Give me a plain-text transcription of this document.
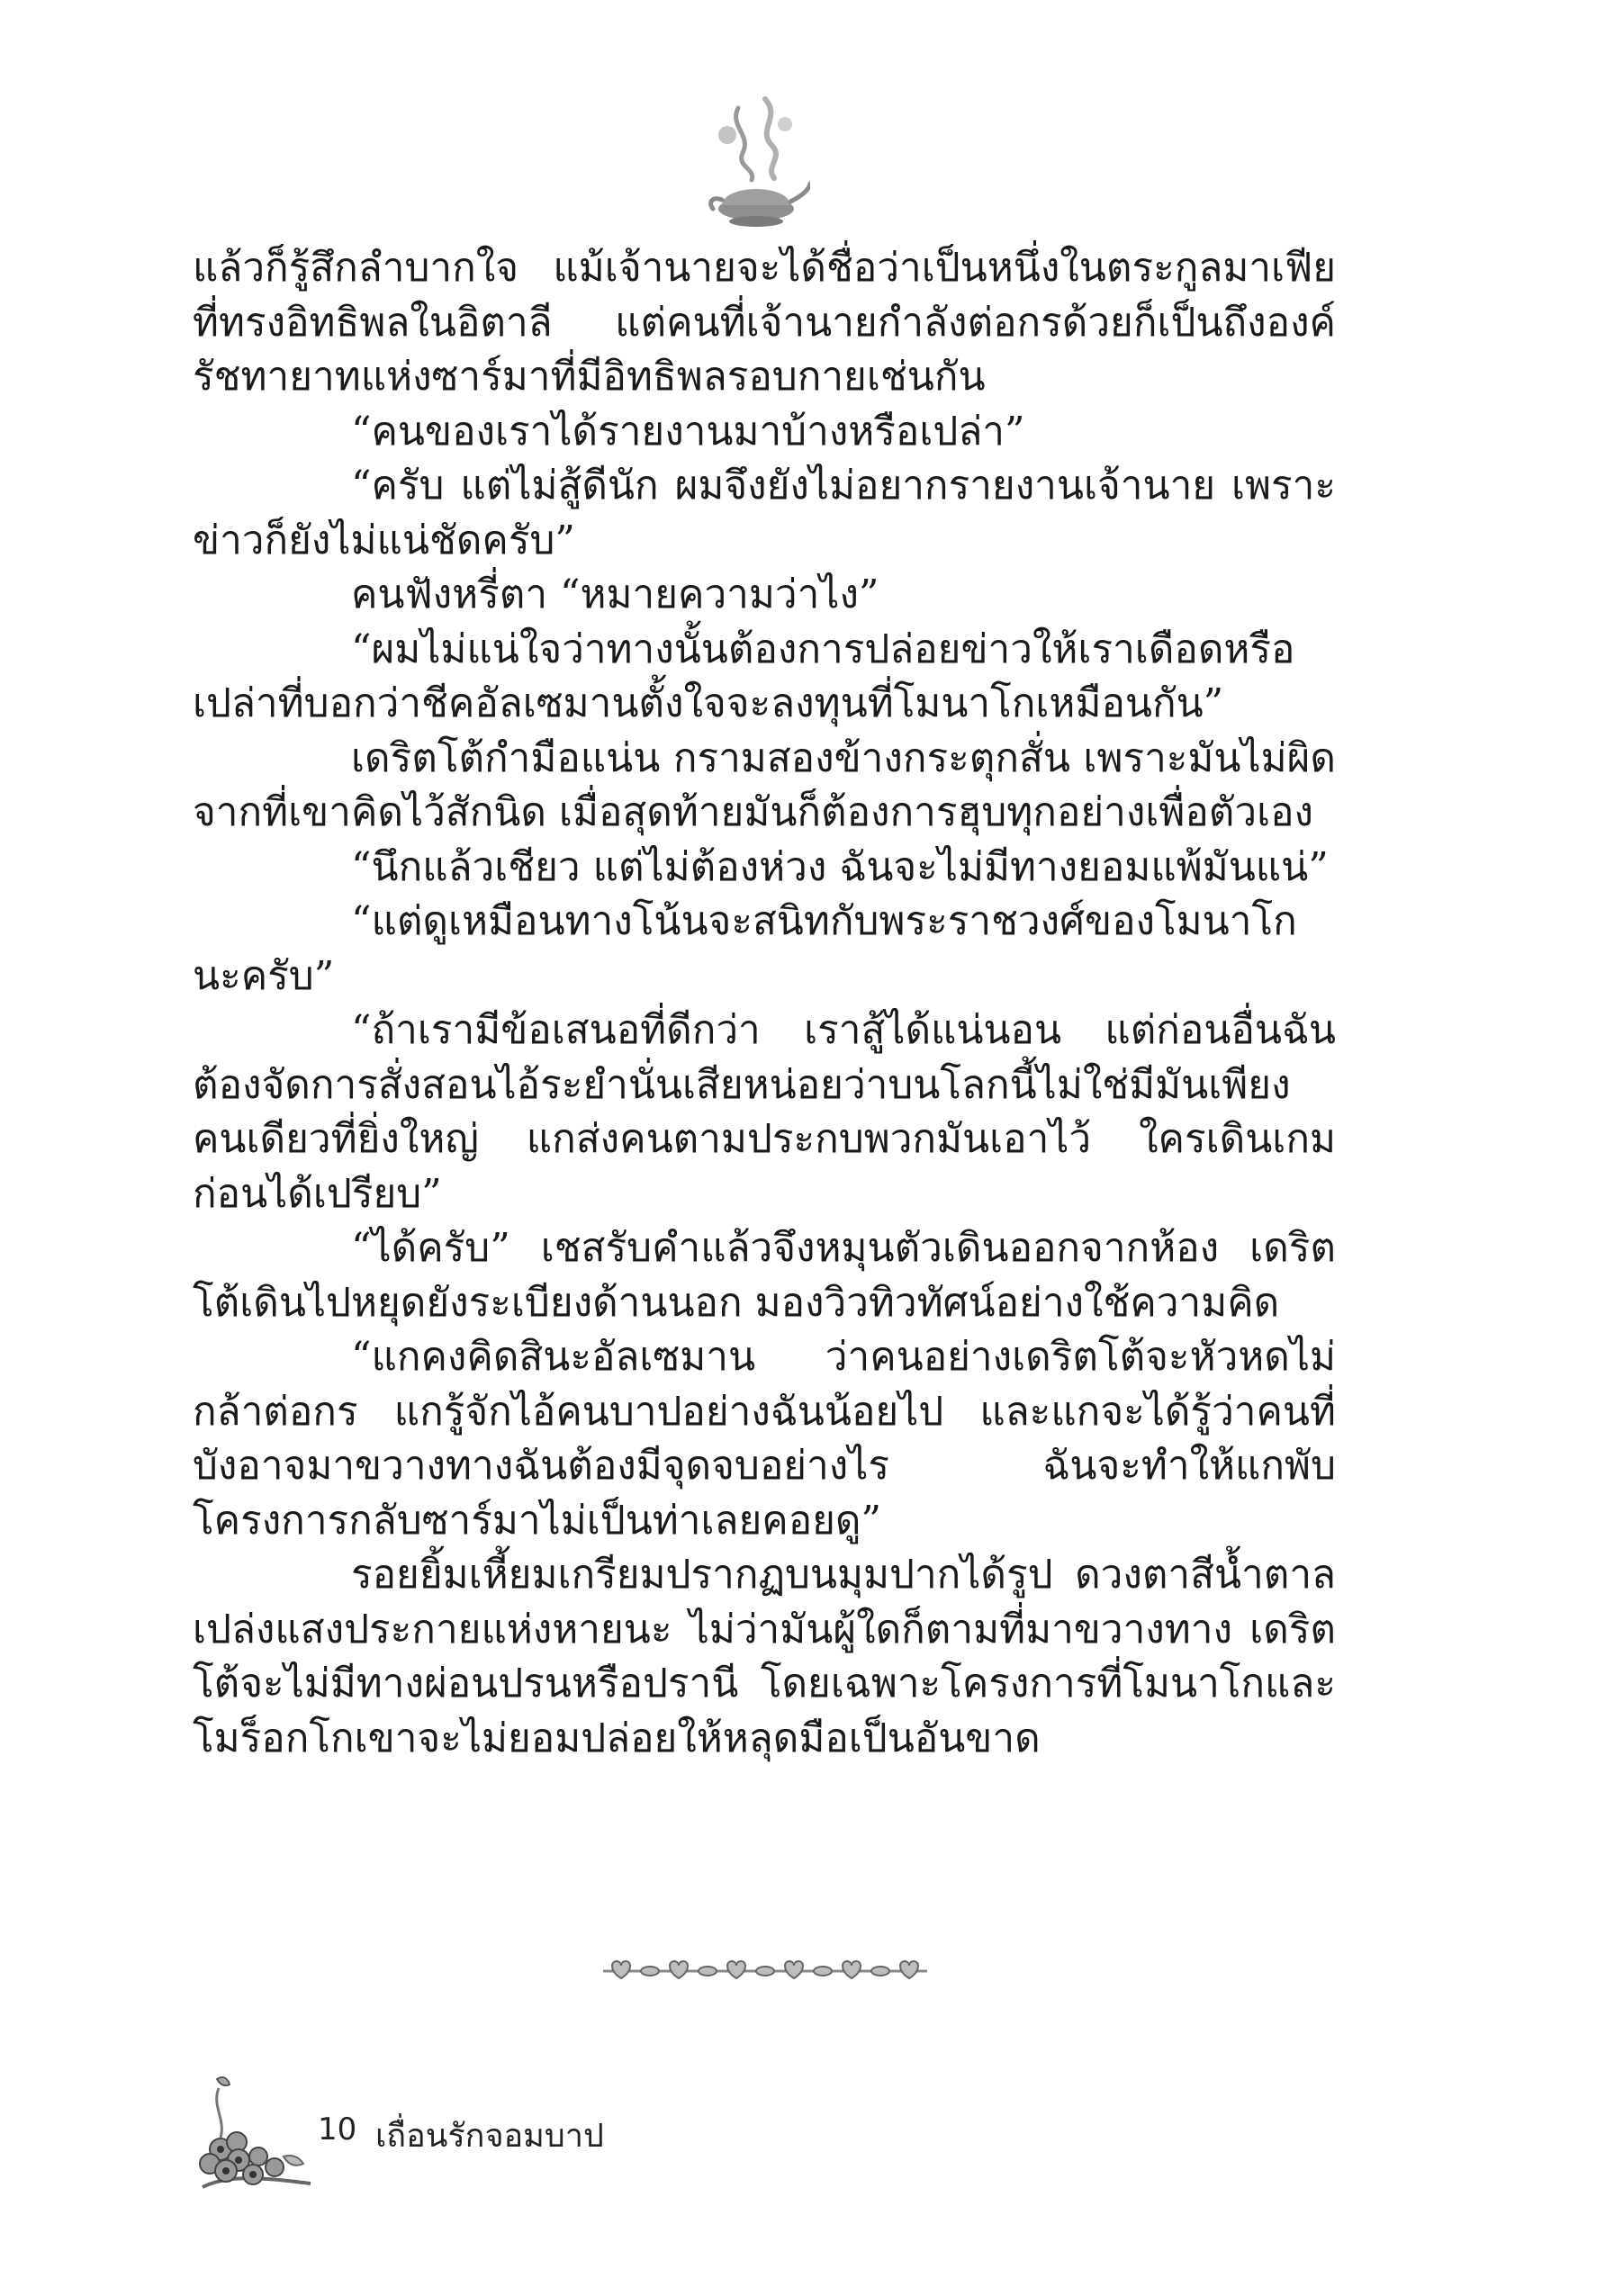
แล้วก็รู้สึกลำบากใจ แม้เจ้านายจะได้ชื่อว่าเป็นหนึ่งในตระกูลมาเฟียที่ทรงอิทธิพลในอิตาลี แต่คนที่เจ้านายกำลังต่อกรด้วยก็เป็นถึงองค์รัชทายาทแห่งซาร์มาที่มีอิทธิพลรอบกายเช่นกัน

“คนของเราได้รายงานมาบ้างหรือเปล่า”

“ครับ แต่ไม่สู้ดีนัก ผมจึงยังไม่อยากรายงานเจ้านาย เพราะข่าวก็ยังไม่แน่ชัดครับ”

คนฟังหรี่ตา “หมายความว่าไง”

“ผมไม่แน่ใจว่าทางนั้นต้องการปล่อยข่าวให้เราเดือดหรือเปล่าที่บอกว่าชีคอัลเซมานตั้งใจจะลงทุนที่โมนาโกเหมือนกัน”

เดริตโต้กำมือแน่น กรามสองข้างกระตุกสั่น เพราะมันไม่ผิดจากที่เขาคิดไว้สักนิด เมื่อสุดท้ายมันก็ต้องการฮุบทุกอย่างเพื่อตัวเอง

“นึกแล้วเชียว แต่ไม่ต้องห่วง ฉันจะไม่มีทางยอมแพ้มันแน่”

“แต่ดูเหมือนทางโน้นจะสนิทกับพระราชวงศ์ของโมนาโกนะครับ”

“ถ้าเรามีข้อเสนอที่ดีกว่า เราสู้ได้แน่นอน แต่ก่อนอื่นฉันต้องจัดการสั่งสอนไอ้ระยำนั่นเสียหน่อยว่าบนโลกนี้ไม่ใช่มีมันเพียงคนเดียวที่ยิ่งใหญ่ แกส่งคนตามประกบพวกมันเอาไว้ ใครเดินเกมก่อนได้เปรียบ”

“ได้ครับ” เชสรับคำแล้วจึงหมุนตัวเดินออกจากห้อง เดริตโต้เดินไปหยุดยังระเบียงด้านนอก มองวิวทิวทัศน์อย่างใช้ความคิด

“แกคงคิดสินะอัลเซมาน ว่าคนอย่างเดริตโต้จะหัวหดไม่กล้าต่อกร แกรู้จักไอ้คนบาปอย่างฉันน้อยไป และแกจะได้รู้ว่าคนที่บังอาจมาขวางทางฉันต้องมีจุดจบอย่างไร ฉันจะทำให้แกพับโครงการกลับซาร์มาไม่เป็นท่าเลยคอยดู”

รอยยิ้มเหี้ยมเกรียมปรากฏบนมุมปากได้รูป ดวงตาสีน้ำตาลเปล่งแสงประกายแห่งหายนะ ไม่ว่ามันผู้ใดก็ตามที่มาขวางทาง เดริตโต้จะไม่มีทางผ่อนปรนหรือปรานี โดยเฉพาะโครงการที่โมนาโกและโมร็อกโกเขาจะไม่ยอมปล่อยให้หลุดมือเป็นอันขาด

10 เถื่อนรักจอมบาป
